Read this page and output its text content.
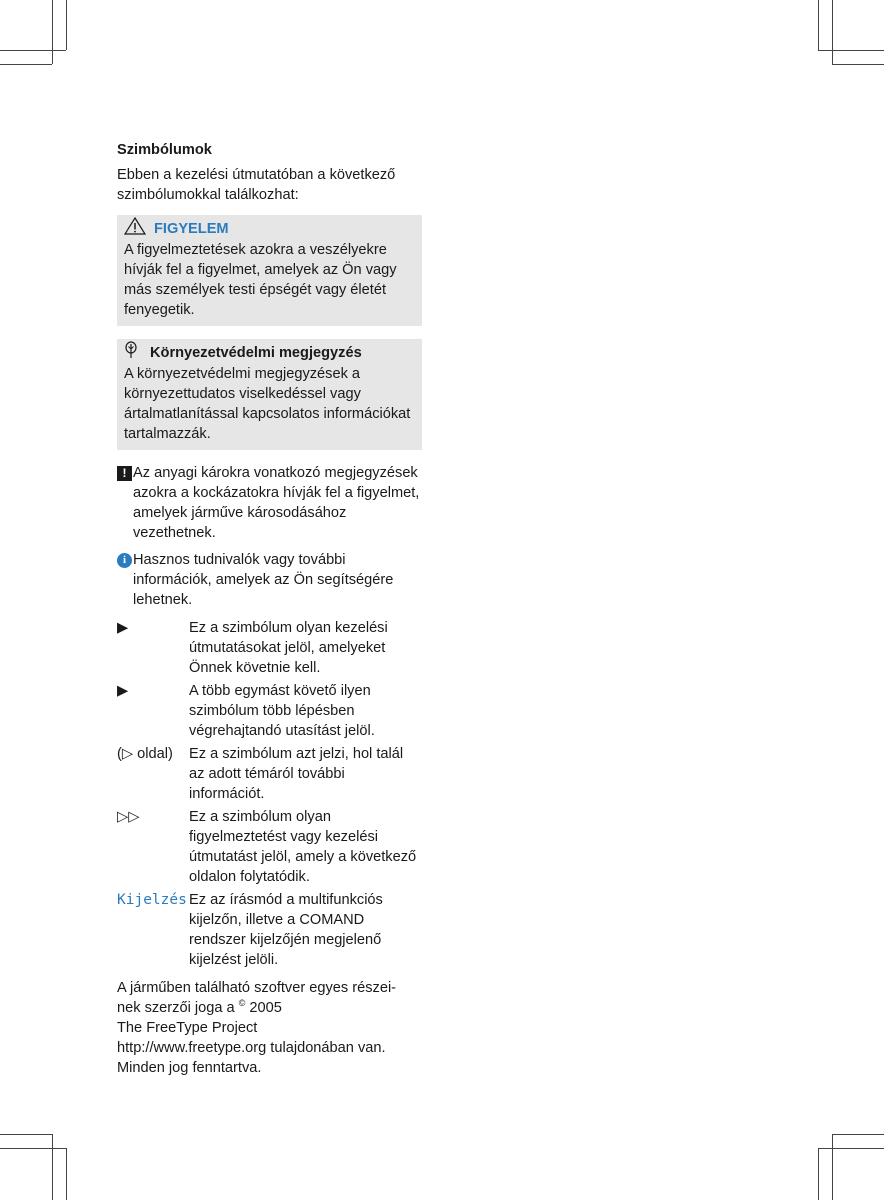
Szimbólumok

Ebben a kezelési útmutatóban a következő szimbólumokkal találkozhat:

FIGYELEM

A figyelmeztetések azokra a veszélyekre hívják fel a figyelmet, amelyek az Ön vagy más személyek testi épségét vagy életét fenyegetik.

Környezetvédelmi megjegyzés

A környezetvédelmi megjegyzések a környezettudatos viselkedéssel vagy ártalmatlanítással kapcsolatos információkat tartalmazzák.

! Az anyagi károkra vonatkozó megjegyzések azokra a kockázatokra hívják fel a figyelmet, amelyek járműve károsodásához vezethetnek.
i Hasznos tudnivalók vagy további információk, amelyek az Ön segítségére lehetnek.
▶	Ez a szimbólum olyan kezelési útmutatásokat jelöl, amelyeket Önnek követnie kell.
▶	A több egymást követő ilyen szimbólum több lépésben végrehajtandó utasítást jelöl.
(▷ oldal)	Ez a szimbólum azt jelzi, hol talál az adott témáról további információt.
▷▷	Ez a szimbólum olyan figyelmeztetést vagy kezelési útmutatást jelöl, amely a következő oldalon folytatódik.
Kijelzés Ez az írásmód a multifunkciós kijelzőn, illetve a COMAND rendszer kijelzőjén megjelenő kijelzést jelöli.
A járműben található szoftver egyes részei-
nek szerzői joga a © 2005
The FreeType Project
http://www.freetype.org tulajdonában van.
Minden jog fenntartva.
